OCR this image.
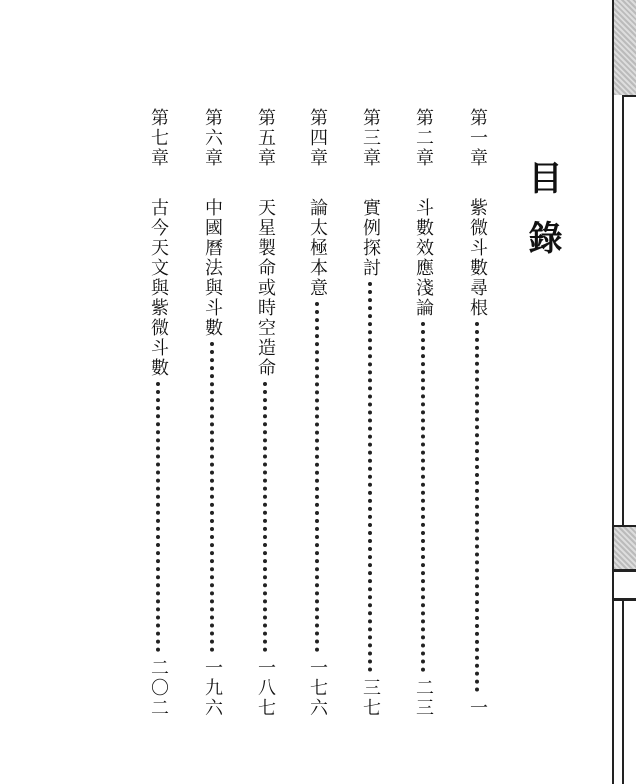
目錄
第一章
紫微斗數尋根
一
第二章
斗數效應淺論
二三
第三章
實例探討
三七
第四章
論太極本意
一七六
第五章
天星製命或時空造命
一八七
第六章
中國曆法與斗數
一九六
第七章
古今天文與紫微斗數
二〇二
